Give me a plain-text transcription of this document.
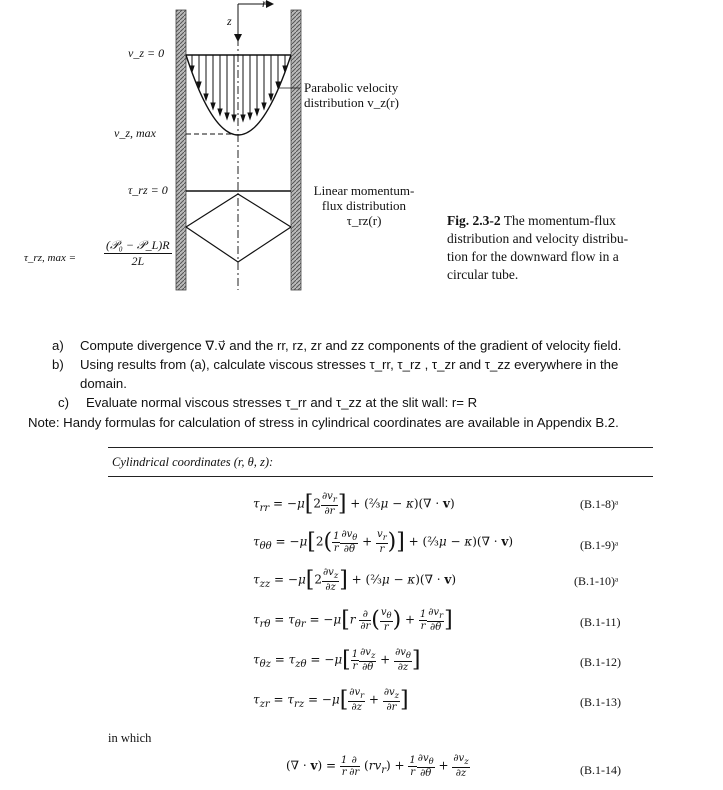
z
r
v_z = 0
v_z, max
τ_rz = 0
τ_rz, max =
(𝒫₀ − 𝒫_L)R
2L
Parabolic velocity
distribution v_z(r)
Linear momentum-
flux distribution
τ_rz(r)	Fig. 2.3-2 The momentum-flux
distribution and velocity distribu-
tion for the downward flow in a
circular tube.
a) Compute divergence ∇.v⃗ and the rr, rz, zr and zz components of the gradient of velocity field.
b) Using results from (a), calculate viscous stresses τ_rr, τ_rz , τ_zr and τ_zz everywhere in the
domain.
c) Evaluate normal viscous stresses τ_rr and τ_zz at the slit wall: r= R
Note: Handy formulas for calculation of stress in cylindrical coordinates are available in Appendix B.2.
Cylindrical coordinates (r, θ, z):
$\tau_{rr} = -\mu[2 \frac{\partial v_r}{\partial r}$ ] + (⅔μ − κ)(∇ · v)
$\tau_{\theta\theta} = -\mu[2( \frac{1}{r} \frac{\partial v_\theta}{\partial\theta} + \frac{v_r}{r}$ )] + (⅔μ − κ)(∇ · v)
$\tau_{zz} = -\mu[2 \frac{\partial v_z}{\partial z}$ ] + (⅔μ − κ)(∇ · v)
$\tau_{r\theta} = \tau_{\theta r} = -\mu[r \frac{\partial}{\partial r}$ ( $\frac{v_\theta}{r}$ ) + $\frac{1}{r} \frac{\partial v_r}{\partial\theta}$ ]
$\tau_{\theta z} = \tau_{z\theta} = -\mu[ \frac{1}{r} \frac{\partial v_z}{\partial\theta} + \frac{\partial v_\theta}{\partial z}$ ]
$\tau_{zr} = \tau_{rz} = -\mu[ \frac{\partial v_r}{\partial z} + \frac{\partial v_z}{\partial r}$ ]
in which
(∇ · $v) = \frac{1}{r} \frac{\partial}{\partial r} (rv_r) + \frac{1}{r} \frac{\partial v_\theta}{\partial\theta} + \frac{\partial v_z}{\partial z}$
(B.1-8)ᵃ
(B.1-9)ᵃ
(B.1-10)ᵃ
(B.1-11)
(B.1-12)
(B.1-13)
(B.1-14)
